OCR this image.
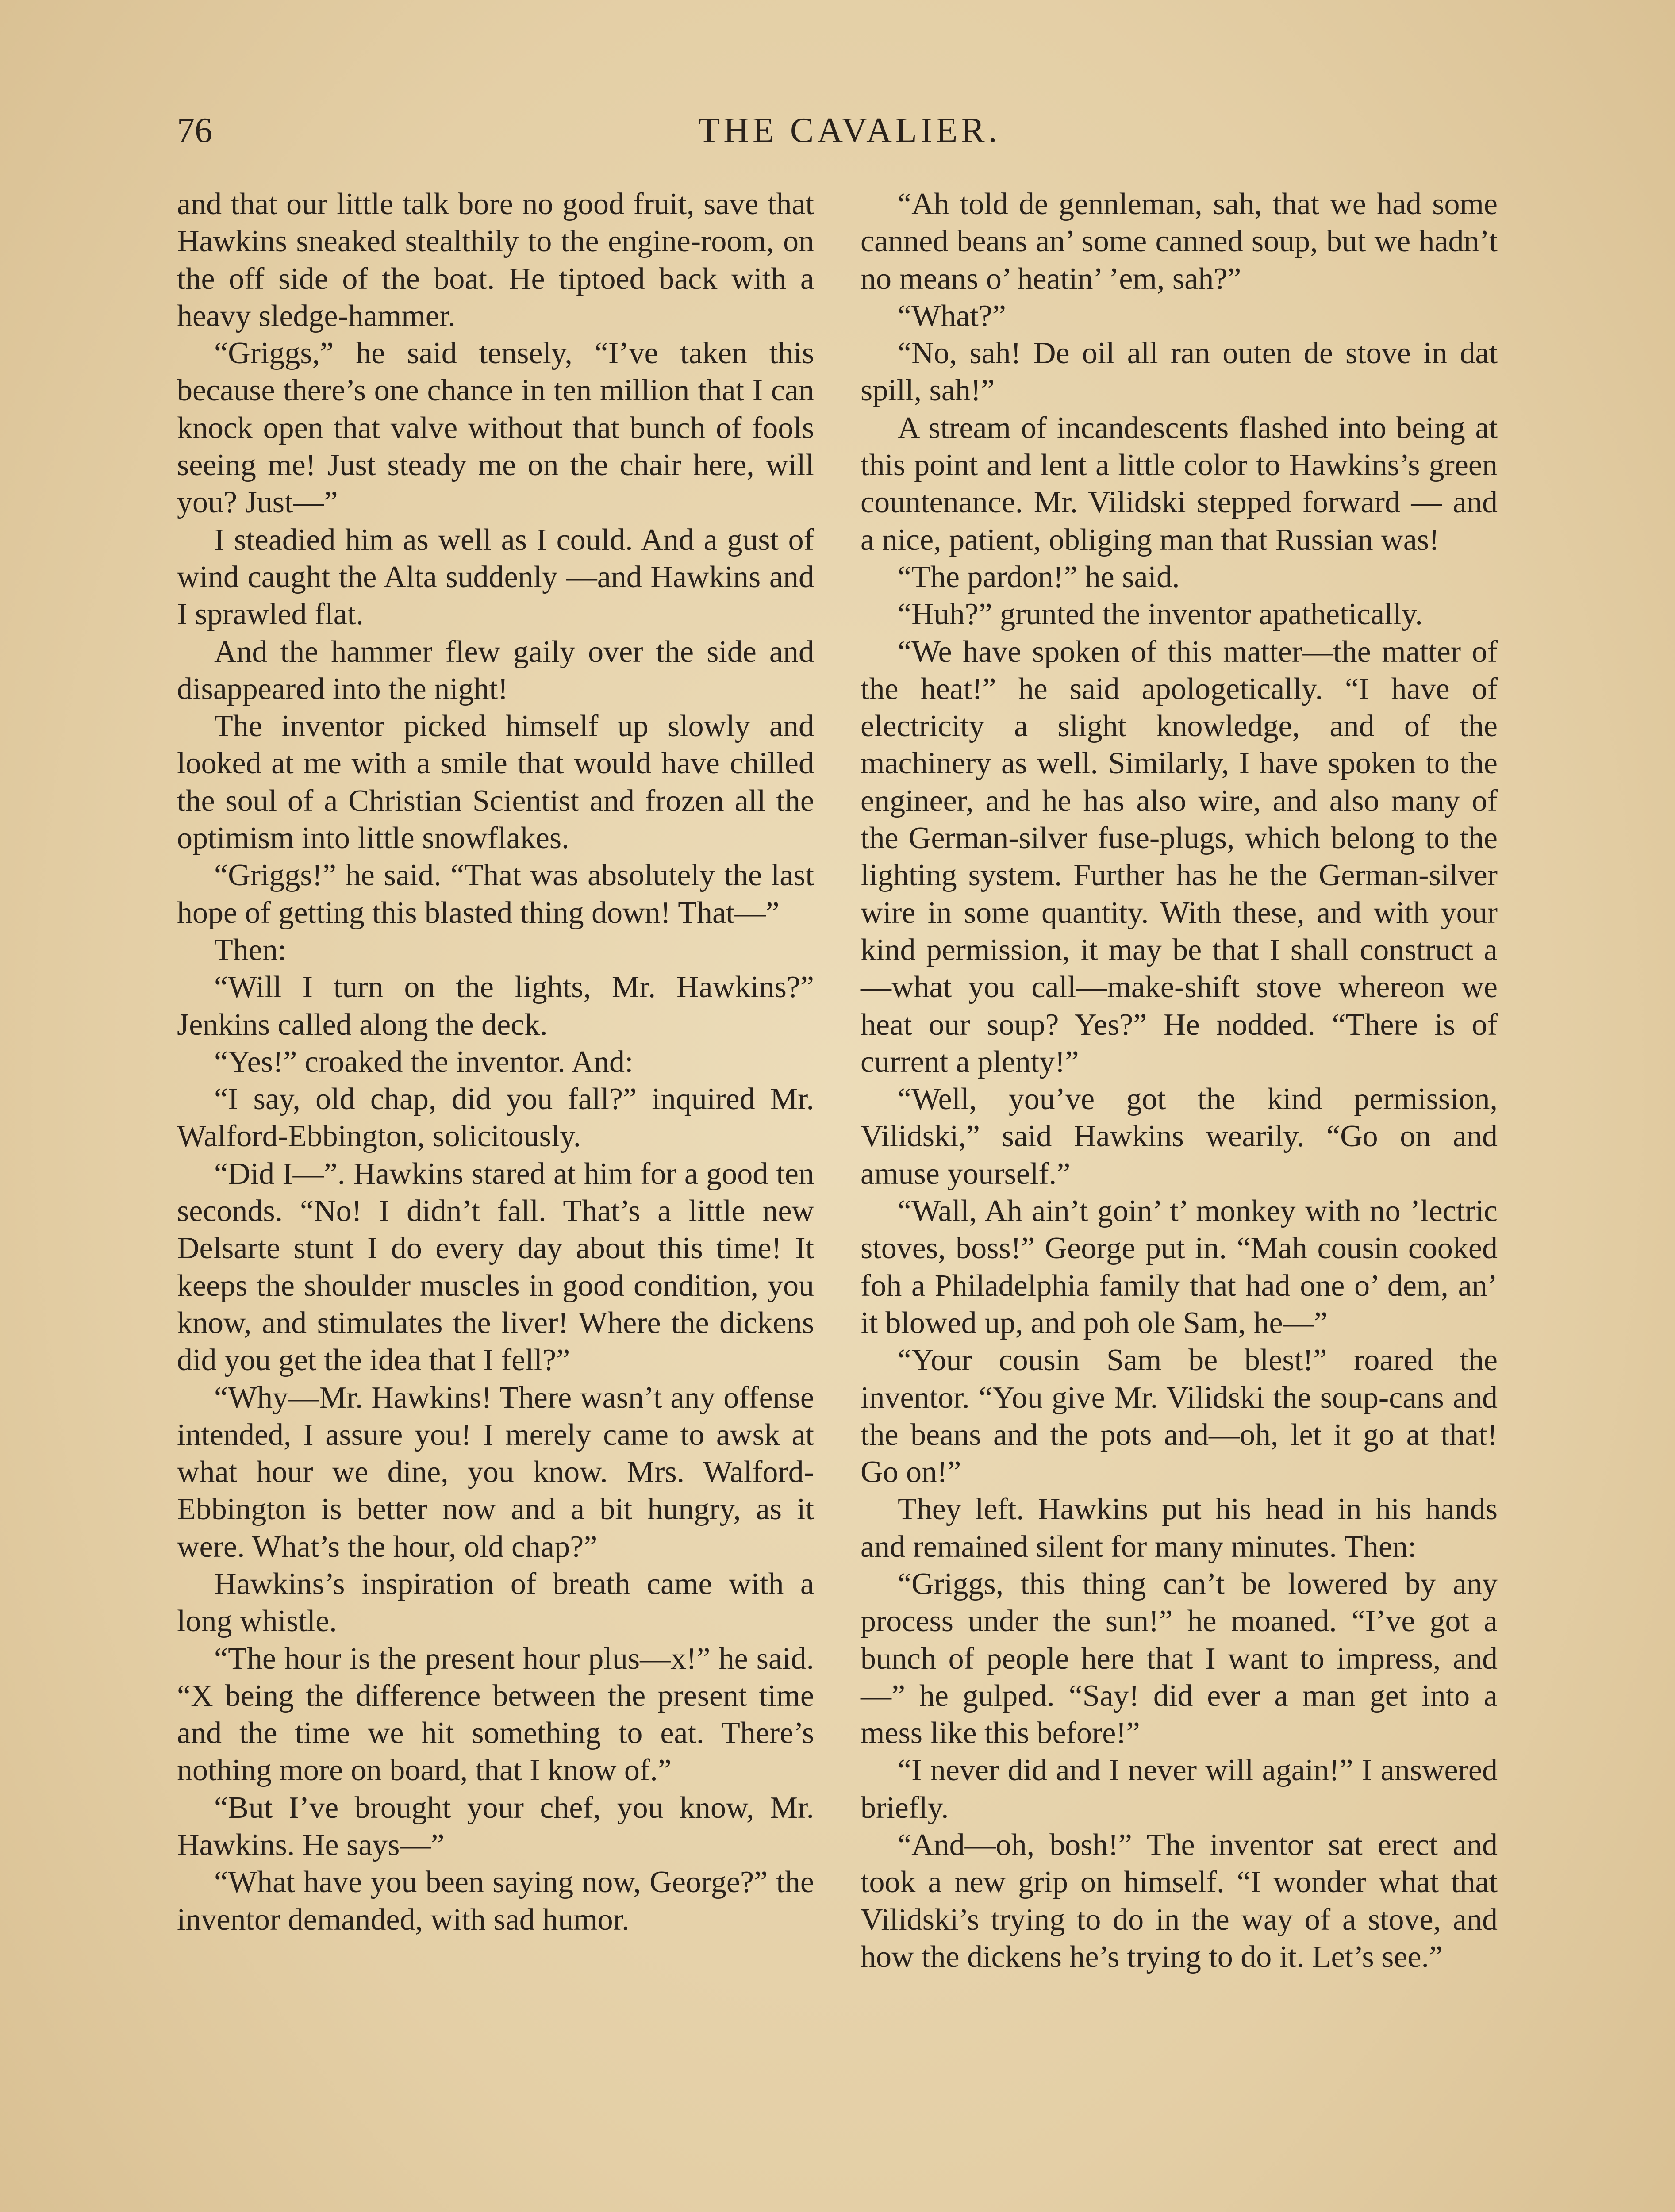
76	THE CAVALIER.

and that our little talk bore no good fruit, save that Hawkins sneaked stealthily to the engine-room, on the off side of the boat. He tiptoed back with a heavy sledge-hammer.

“Griggs,” he said tensely, “I’ve taken this because there’s one chance in ten million that I can knock open that valve without that bunch of fools seeing me! Just steady me on the chair here, will you? Just—”

I steadied him as well as I could. And a gust of wind caught the Alta suddenly —and Hawkins and I sprawled flat.

And the hammer flew gaily over the side and disappeared into the night!

The inventor picked himself up slowly and looked at me with a smile that would have chilled the soul of a Christian Scientist and frozen all the optimism into little snowflakes.

“Griggs!” he said. “That was absolutely the last hope of getting this blasted thing down! That—”

Then:

“Will I turn on the lights, Mr. Hawkins?” Jenkins called along the deck.

“Yes!” croaked the inventor. And:

“I say, old chap, did you fall?” inquired Mr. Walford-Ebbington, solicitously.

“Did I—”. Hawkins stared at him for a good ten seconds. “No! I didn’t fall. That’s a little new Delsarte stunt I do every day about this time! It keeps the shoulder muscles in good condition, you know, and stimulates the liver! Where the dickens did you get the idea that I fell?”

“Why—Mr. Hawkins! There wasn’t any offense intended, I assure you! I merely came to awsk at what hour we dine, you know. Mrs. Walford-Ebbington is better now and a bit hungry, as it were. What’s the hour, old chap?”

Hawkins’s inspiration of breath came with a long whistle.

“The hour is the present hour plus—x!” he said. “X being the difference between the present time and the time we hit something to eat. There’s nothing more on board, that I know of.”

“But I’ve brought your chef, you know, Mr. Hawkins. He says—”

“What have you been saying now, George?” the inventor demanded, with sad humor.

“Ah told de gennleman, sah, that we had some canned beans an’ some canned soup, but we hadn’t no means o’ heatin’ ’em, sah?”

“What?”

“No, sah! De oil all ran outen de stove in dat spill, sah!”

A stream of incandescents flashed into being at this point and lent a little color to Hawkins’s green countenance. Mr. Vilidski stepped forward — and a nice, patient, obliging man that Russian was!

“The pardon!” he said.

“Huh?” grunted the inventor apathetically.

“We have spoken of this matter—the matter of the heat!” he said apologetically. “I have of electricity a slight knowledge, and of the machinery as well. Similarly, I have spoken to the engineer, and he has also wire, and also many of the German-silver fuse-plugs, which belong to the lighting system. Further has he the German-silver wire in some quantity. With these, and with your kind permission, it may be that I shall construct a —what you call—make-shift stove whereon we heat our soup? Yes?” He nodded. “There is of current a plenty!”

“Well, you’ve got the kind permission, Vilidski,” said Hawkins wearily. “Go on and amuse yourself.”

“Wall, Ah ain’t goin’ t’ monkey with no ’lectric stoves, boss!” George put in. “Mah cousin cooked foh a Philadelphia family that had one o’ dem, an’ it blowed up, and poh ole Sam, he—”

“Your cousin Sam be blest!” roared the inventor. “You give Mr. Vilidski the soup-cans and the beans and the pots and—oh, let it go at that! Go on!”

They left. Hawkins put his head in his hands and remained silent for many minutes. Then:

“Griggs, this thing can’t be lowered by any process under the sun!” he moaned. “I’ve got a bunch of people here that I want to impress, and—” he gulped. “Say! did ever a man get into a mess like this before!”

“I never did and I never will again!” I answered briefly.

“And—oh, bosh!” The inventor sat erect and took a new grip on himself. “I wonder what that Vilidski’s trying to do in the way of a stove, and how the dickens he’s trying to do it. Let’s see.”
